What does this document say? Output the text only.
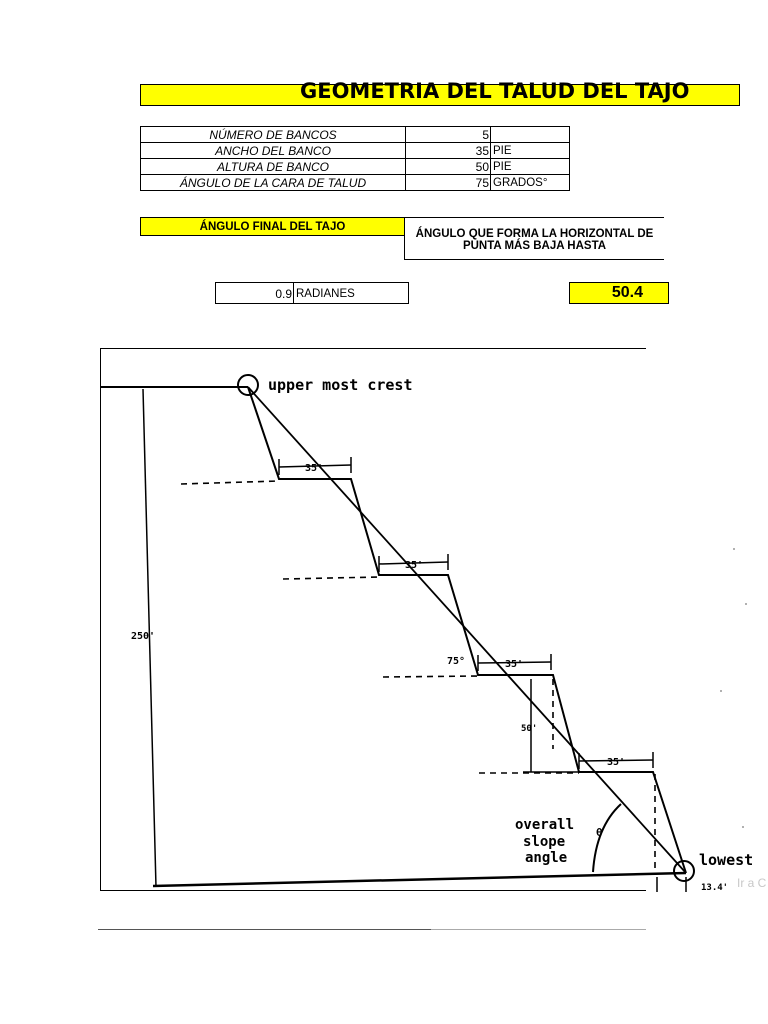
GEOMETRIA DEL TALUD DEL TAJO
NÚMERO DE BANCOS	5	
ANCHO DEL BANCO	35	PIE
ALTURA DE BANCO	50	PIE
ÁNGULO DE LA CARA DE TALUD	75	GRADOS°
ÁNGULO FINAL DEL TAJO
ÁNGULO QUE FORMA LA HORIZONTAL DE
PUNTA MÁS BAJA HASTA
0.9 RADIANES	50.4
upper most crest
lowest
250'
35'
35'
35'
35'
75°
50'
overall
slope
angle
θ
13.4' Ir a C
